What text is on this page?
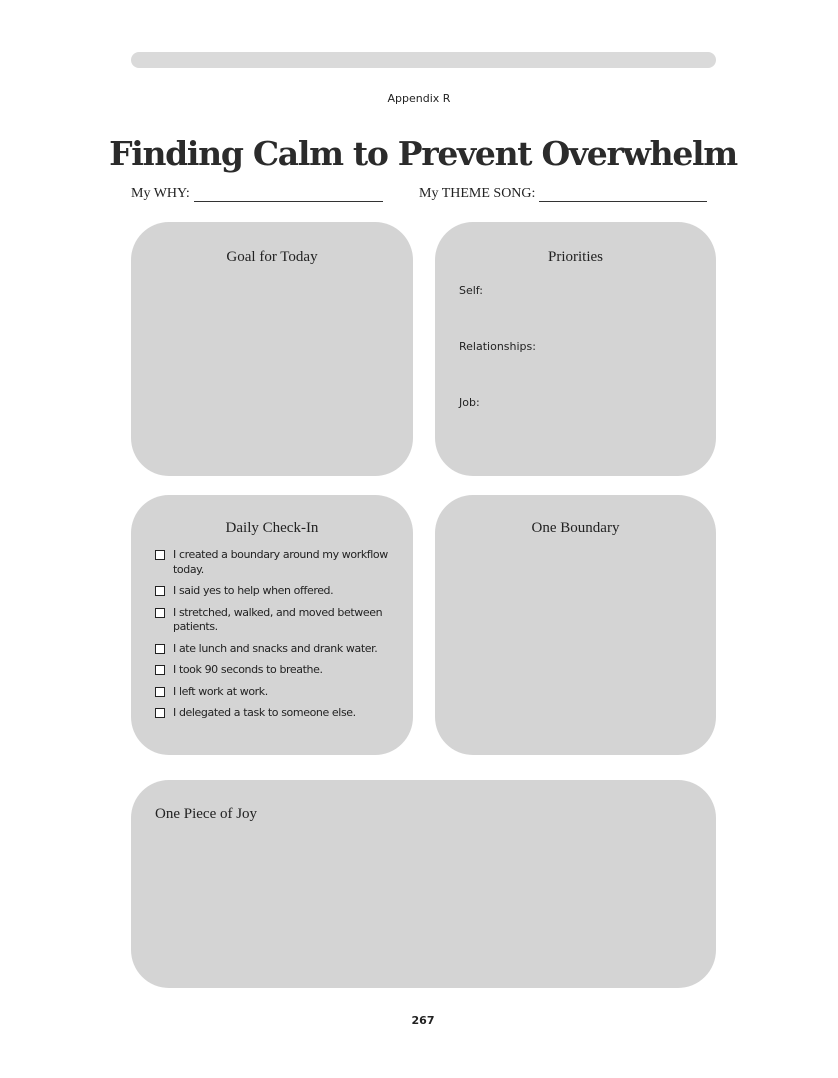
Appendix R
Finding Calm to Prevent Overwhelm
My WHY:	My THEME SONG:
Goal for Today	Priorities
Self:
Relationships:
Job:
Daily Check-In
I created a boundary around my workflow today.
I said yes to help when offered.
I stretched, walked, and moved between patients.
I ate lunch and snacks and drank water.
I took 90 seconds to breathe.
I left work at work.
I delegated a task to someone else.
One Boundary
One Piece of Joy
267
